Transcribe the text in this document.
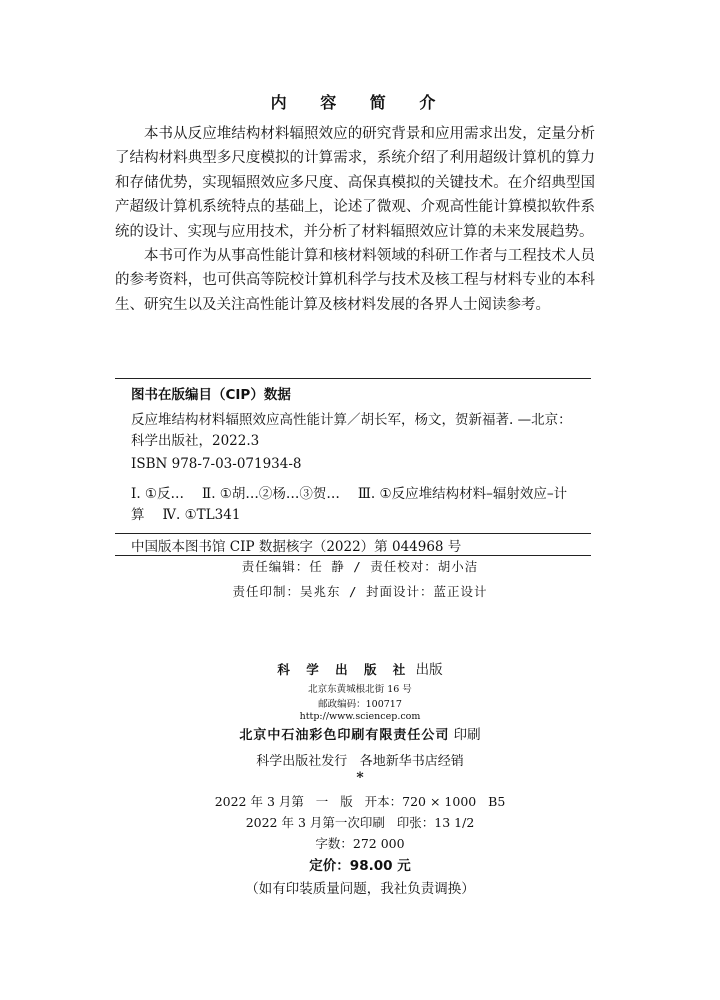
内 容 简 介

本书从反应堆结构材料辐照效应的研究背景和应用需求出发，定量分析了结构材料典型多尺度模拟的计算需求，系统介绍了利用超级计算机的算力和存储优势，实现辐照效应多尺度、高保真模拟的关键技术。在介绍典型国产超级计算机系统特点的基础上，论述了微观、介观高性能计算模拟软件系统的设计、实现与应用技术，并分析了材料辐照效应计算的未来发展趋势。

本书可作为从事高性能计算和核材料领域的科研工作者与工程技术人员的参考资料，也可供高等院校计算机科学与技术及核工程与材料专业的本科生、研究生以及关注高性能计算及核材料发展的各界人士阅读参考。

图书在版编目（CIP）数据
反应堆结构材料辐照效应高性能计算／胡长军，杨文，贺新福著. —北京：科学出版社，2022.3
ISBN 978-7-03-071934-8
Ⅰ. ①反… Ⅱ. ①胡…②杨…③贺… Ⅲ. ①反应堆结构材料–辐射效应–计算 Ⅳ. ①TL341
中国版本图书馆 CIP 数据核字（2022）第 044968 号
责任编辑：任 静 / 责任校对：胡小洁
责任印制：吴兆东 / 封面设计：蓝正设计
科 学 出 版 社 出版
北京东黄城根北街 16 号
邮政编码：100717
http://www.sciencep.com
北京中石油彩色印刷有限责任公司 印刷
科学出版社发行   各地新华书店经销
*
2022 年 3 月第   一   版   开本：720 × 1000   B5
2022 年 3 月第一次印刷   印张：13 1/2
字数：272 000
定价：98.00 元
（如有印装质量问题，我社负责调换）
